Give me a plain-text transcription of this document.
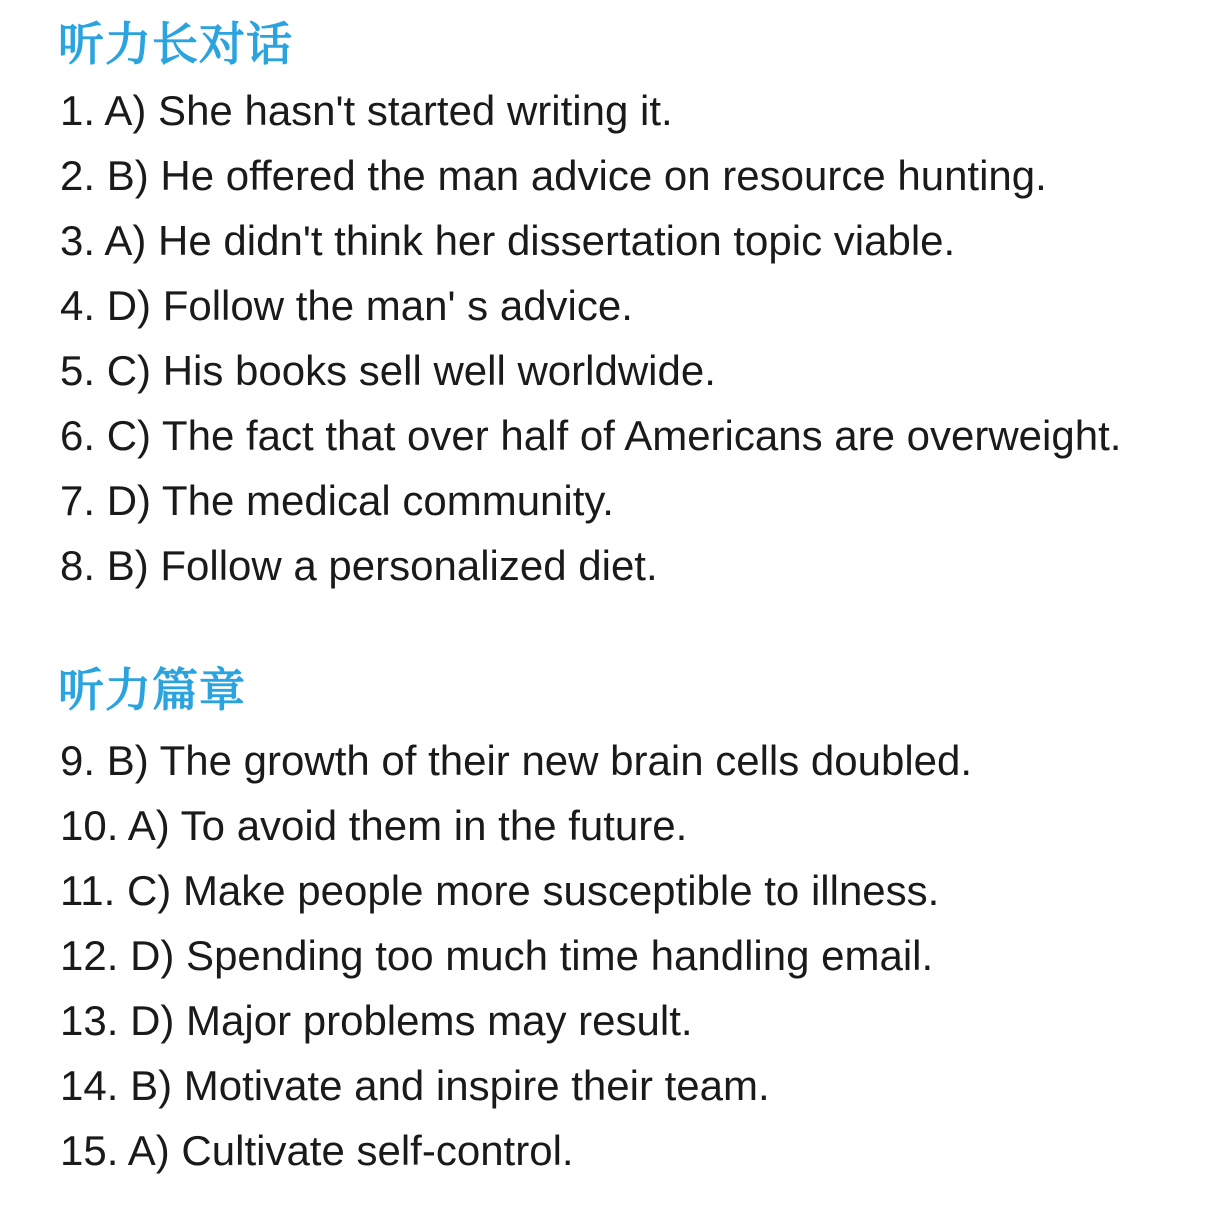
听力长对话
1. A) She hasn't started writing it.
2. B) He offered the man advice on resource hunting.
3. A) He didn't think her dissertation topic viable.
4. D) Follow the man' s advice.
5. C) His books sell well worldwide.
6. C) The fact that over half of Americans are overweight.
7. D) The medical community.
8. B) Follow a personalized diet.
听力篇章
9. B) The growth of their new brain cells doubled.
10. A) To avoid them in the future.
11. C) Make people more susceptible to illness.
12. D) Spending too much time handling email.
13. D) Major problems may result.
14. B) Motivate and inspire their team.
15. A) Cultivate self-control.
